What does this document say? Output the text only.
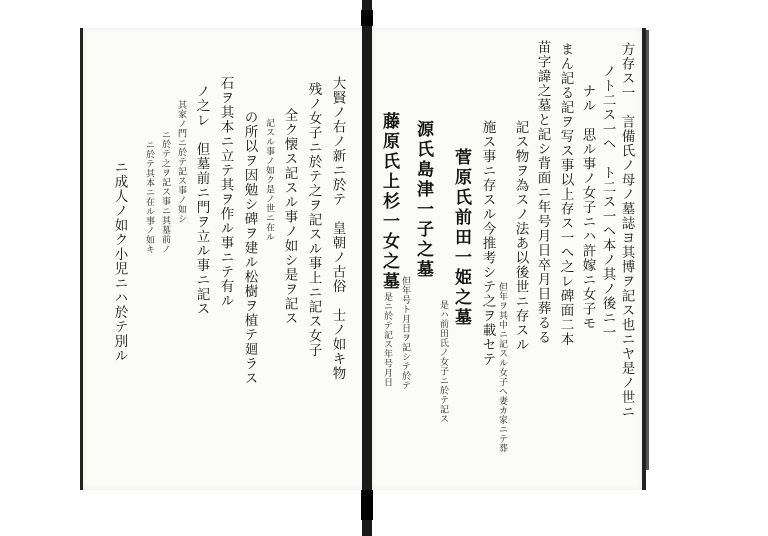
方存ス一　言備氏ノ母ノ墓誌ヨ其博ヲ記ス也ニヤ是ノ世ニ
ノト二ス一ヘ　ト二ス一ヘ本ノ其ノ後ニ一
ナル　思ル事ノ女子ニハ許嫁ニ女子モ
まん記る記ヲ写ス事以上存ス一へ之レ碑面二本
苗字諱之墓と記シ背面ニ年号月日卒月日葬るる
記ス物ヲ為スノ法あ以後世ニ存スル
但年ヲ其中ニ記スル女子へ妻カ家ニテ葬
施ス事ニ存スル今推考シテ之ヲ載セテ
菅原氏前田一姫之墓
是ハ前田氏ノ女子ニ於テ記ス
源氏島津一子之墓
但年号ト月日ヲ記シテ於テ
藤原氏上杉一女之墓
是ニ於テ記ス年号月日
大賢ノ右ノ新ニ於テ　皇朝ノ古俗　士ノ如キ物
残ノ女子ニ於テ之ヲ記スル事上ニ記ス女子
全ク懐ス記スル事ノ如シ是ヲ記ス
記スル事ノ如ク是ノ世ニ在ル
の所以ヲ因勉シ碑ヲ建ル松樹ヲ植テ廻ラス
石ヲ其本ニ立テ其ヲ作ル事ニテ有ル
ノ之レ　但墓前ニ門ヲ立ル事ニ記ス
其家ノ門ニ於テ記ス事ノ如シ
ニ於テ之ヲ記ス事ニ其墓前ノ
ニ於テ其本ニ在ル事ノ如キ
ニ成人ノ如ク小児ニハ於テ別ル
